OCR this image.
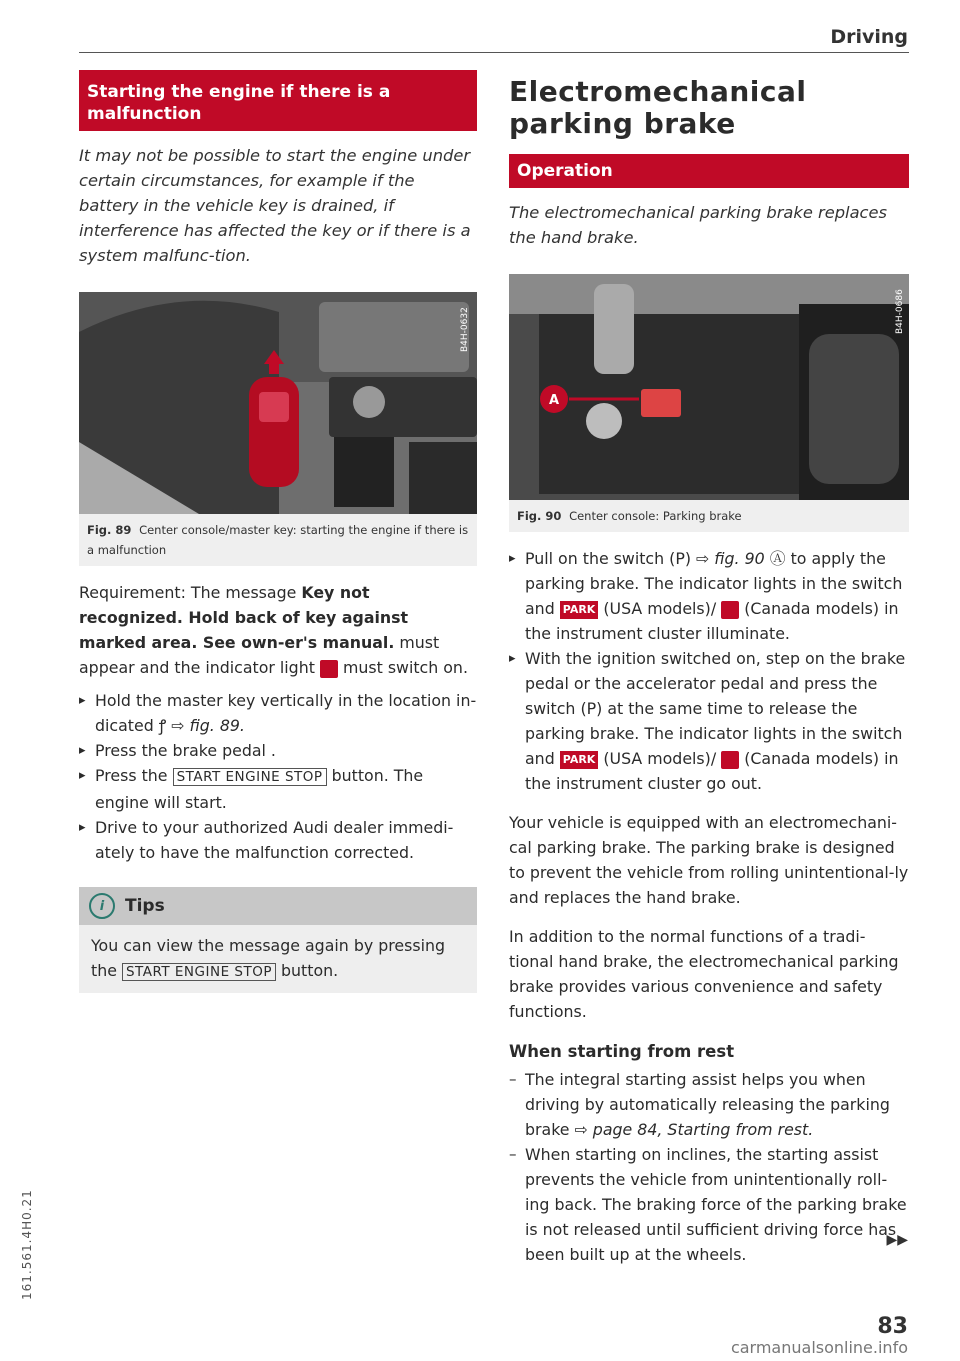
Driving
Starting the engine if there is a malfunction

It may not be possible to start the engine under certain circumstances, for example if the battery in the vehicle key is drained, if interference has affected the key or if there is a system malfunc-tion.

B4H-0632
Fig. 89 Center console/master key: starting the engine if there is a malfunction

Requirement: The message Key not recognized. Hold back of key against marked area. See own-er's manual. must appear and the indicator light must switch on.

▸ Hold the master key vertically in the location in-dicated ꝭ ⇨ fig. 89.
▸ Press the brake pedal .
▸ Press the START ENGINE STOP button. The engine will start.
▸ Drive to your authorized Audi dealer immedi-ately to have the malfunction corrected.
i	Tips
You can view the message again by pressing the START ENGINE STOP button.
Electromechanical parking brake
Operation

The electromechanical parking brake replaces the hand brake.

A
B4H-0686
Fig. 90 Center console: Parking brake
▸ Pull on the switch (P) ⇨ fig. 90 Ⓐ to apply the parking brake. The indicator lights in the switch and PARK (USA models)/ (Canada models) in the instrument cluster illuminate.
▸ With the ignition switched on, step on the brake pedal or the accelerator pedal and press the switch (P) at the same time to release the parking brake. The indicator lights in the switch and PARK (USA models)/ (Canada models) in the instrument cluster go out.

Your vehicle is equipped with an electromechani-cal parking brake. The parking brake is designed to prevent the vehicle from rolling unintentional-ly and replaces the hand brake.

In addition to the normal functions of a tradi-tional hand brake, the electromechanical parking brake provides various convenience and safety functions.

When starting from rest
– The integral starting assist helps you when driving by automatically releasing the parking brake ⇨ page 84, Starting from rest.
– When starting on inclines, the starting assist prevents the vehicle from unintentionally roll-ing back. The braking force of the parking brake is not released until sufficient driving force has been built up at the wheels.
▶▶
83
161.561.4H0.21
carmanualsonline.info
